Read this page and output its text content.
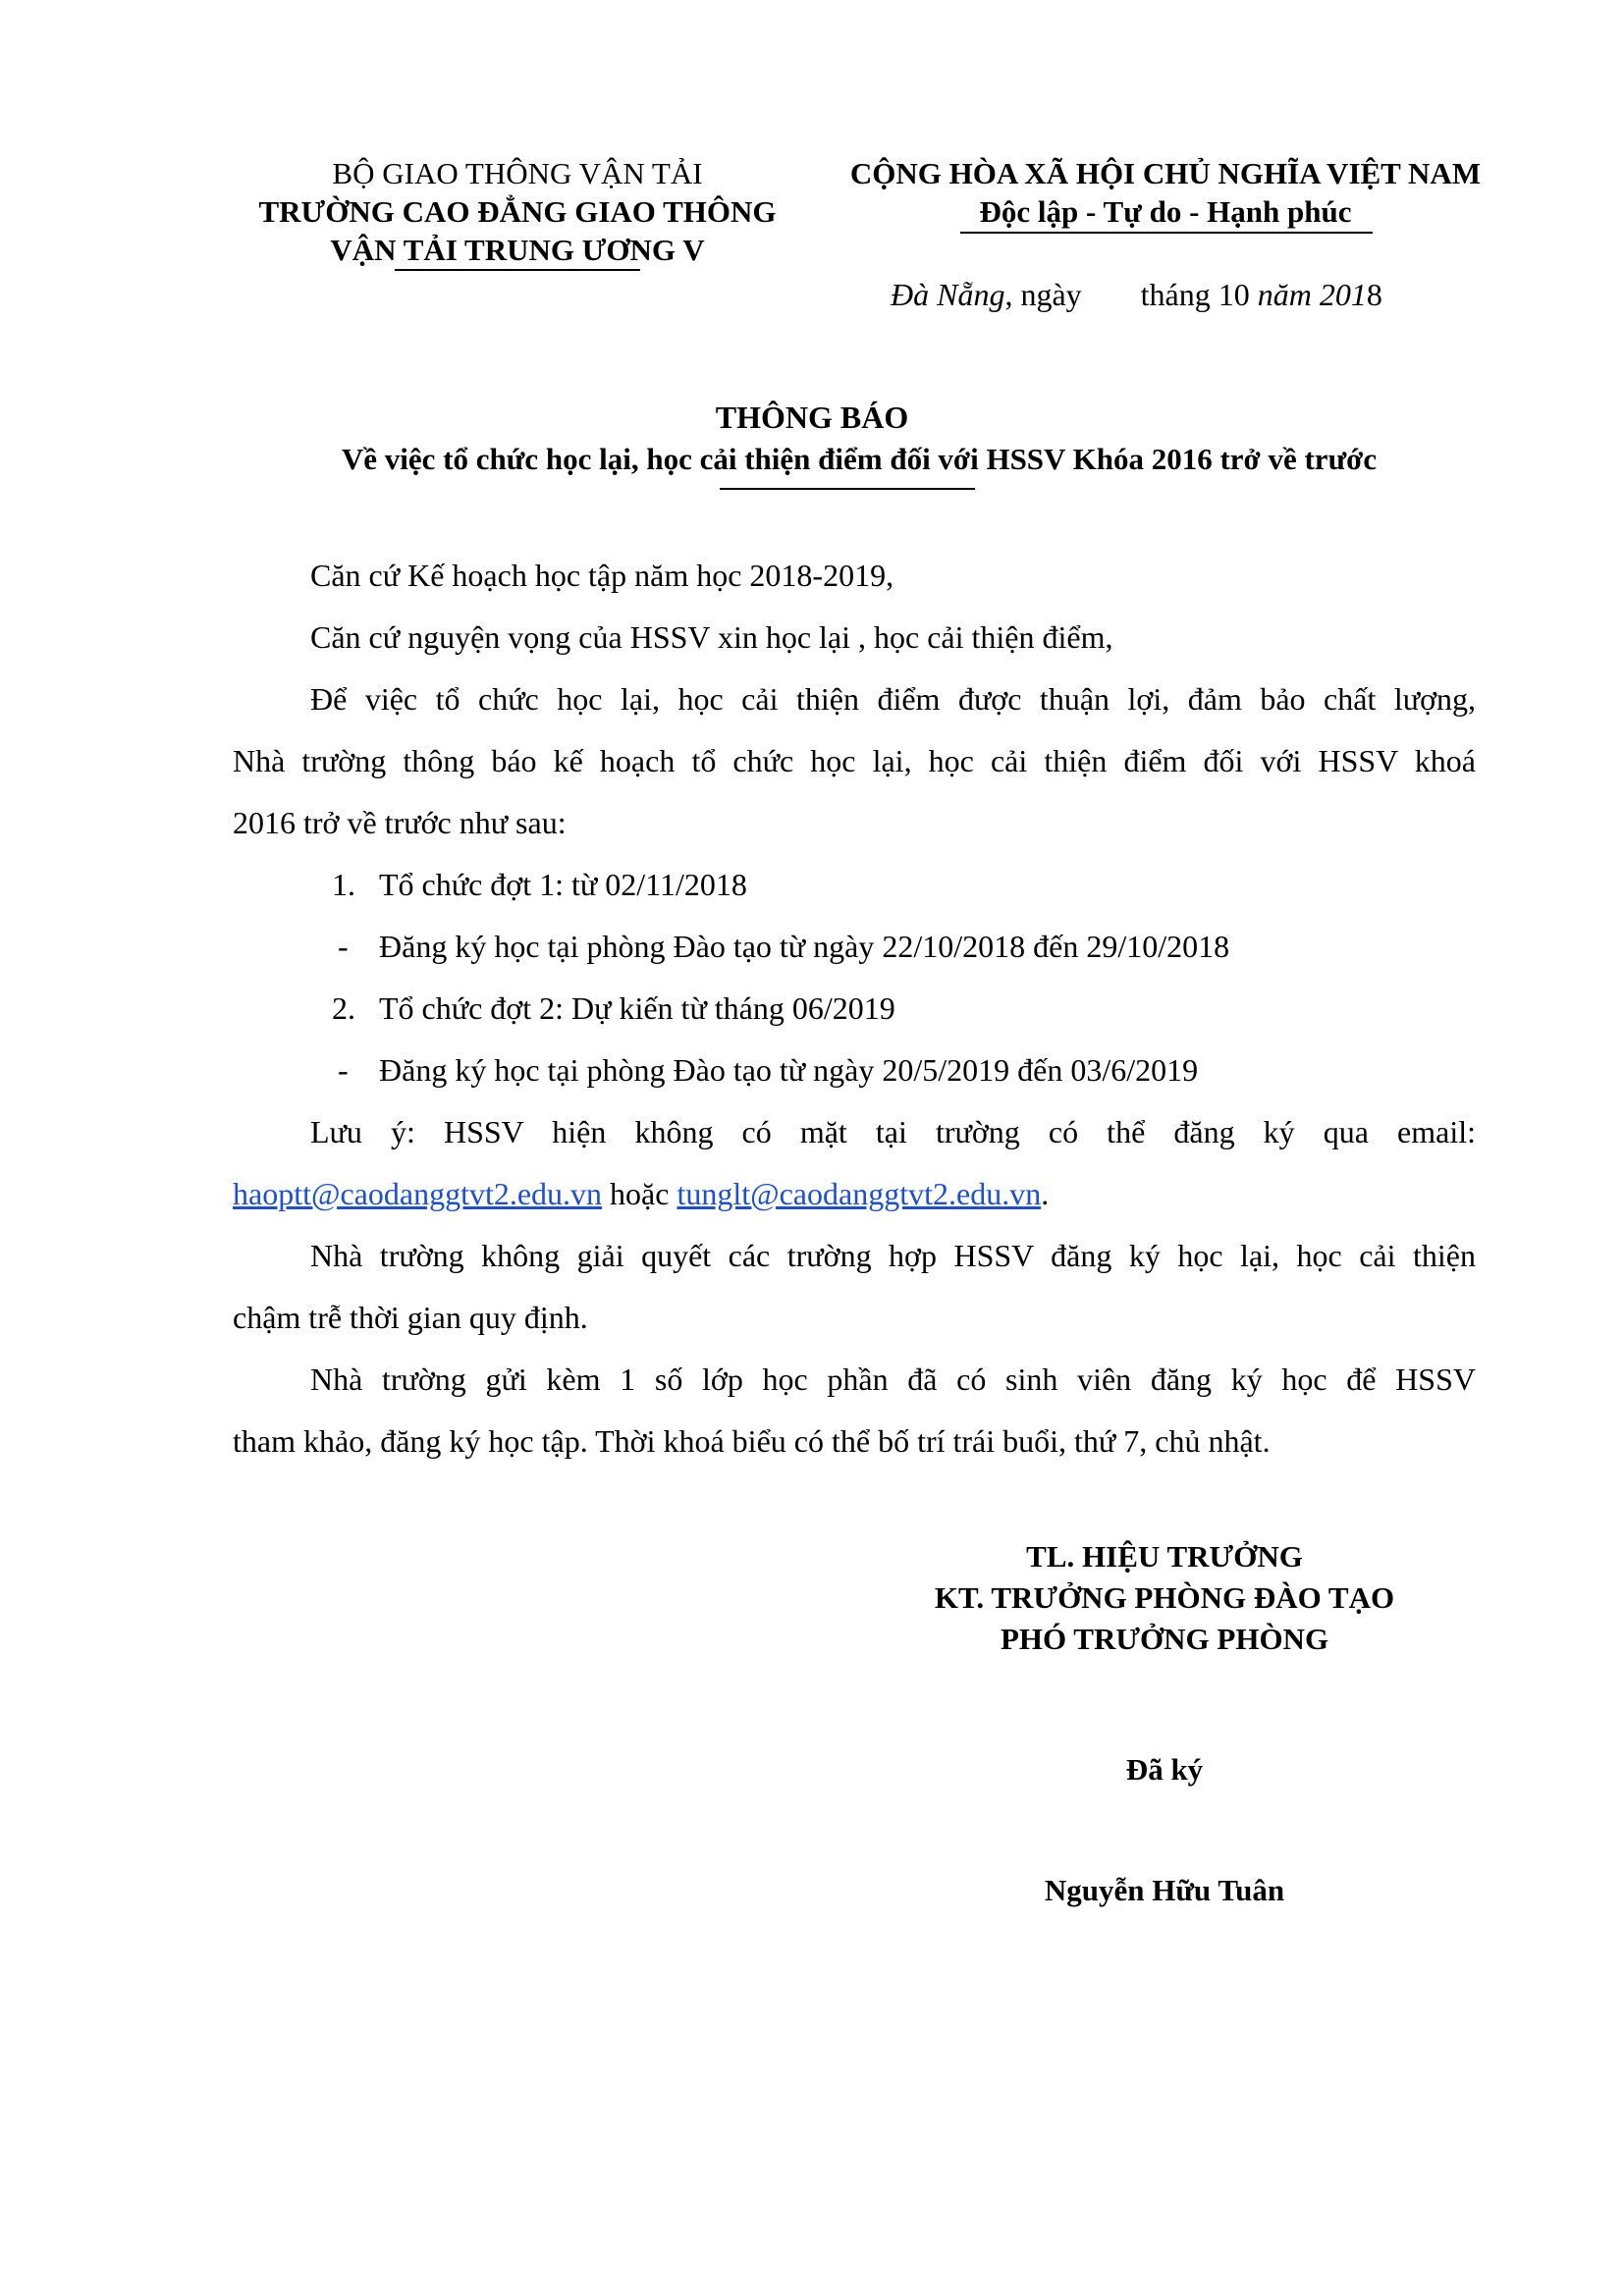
BỘ GIAO THÔNG VẬN TẢI
TRƯỜNG CAO ĐẲNG GIAO THÔNG
VẬN TẢI TRUNG ƯƠNG V
CỘNG HÒA XÃ HỘI CHỦ NGHĨA VIỆT NAM
Độc lập - Tự do - Hạnh phúc
Đà Nẵng, ngày tháng 10 năm 2018
THÔNG BÁO
Về việc tổ chức học lại, học cải thiện điểm đối với HSSV Khóa 2016 trở về trước
Căn cứ Kế hoạch học tập năm học 2018-2019,
Căn cứ nguyện vọng của HSSV xin học lại , học cải thiện điểm,
Để việc tổ chức học lại, học cải thiện điểm được thuận lợi, đảm bảo chất lượng,
Nhà trường thông báo kế hoạch tổ chức học lại, học cải thiện điểm đối với HSSV khoá
2016 trở về trước như sau:
1. Tổ chức đợt 1: từ 02/11/2018
- Đăng ký học tại phòng Đào tạo từ ngày 22/10/2018 đến 29/10/2018
2. Tổ chức đợt 2: Dự kiến từ tháng 06/2019
- Đăng ký học tại phòng Đào tạo từ ngày 20/5/2019 đến 03/6/2019
Lưu ý: HSSV hiện không có mặt tại trường có thể đăng ký qua email:
haoptt@caodanggtvt2.edu.vn hoặc tunglt@caodanggtvt2.edu.vn.
Nhà trường không giải quyết các trường hợp HSSV đăng ký học lại, học cải thiện
chậm trễ thời gian quy định.
Nhà trường gửi kèm 1 số lớp học phần đã có sinh viên đăng ký học để HSSV
tham khảo, đăng ký học tập. Thời khoá biểu có thể bố trí trái buổi, thứ 7, chủ nhật.
TL. HIỆU TRƯỞNG
KT. TRƯỞNG PHÒNG ĐÀO TẠO
PHÓ TRƯỞNG PHÒNG
Đã ký
Nguyễn Hữu Tuân
